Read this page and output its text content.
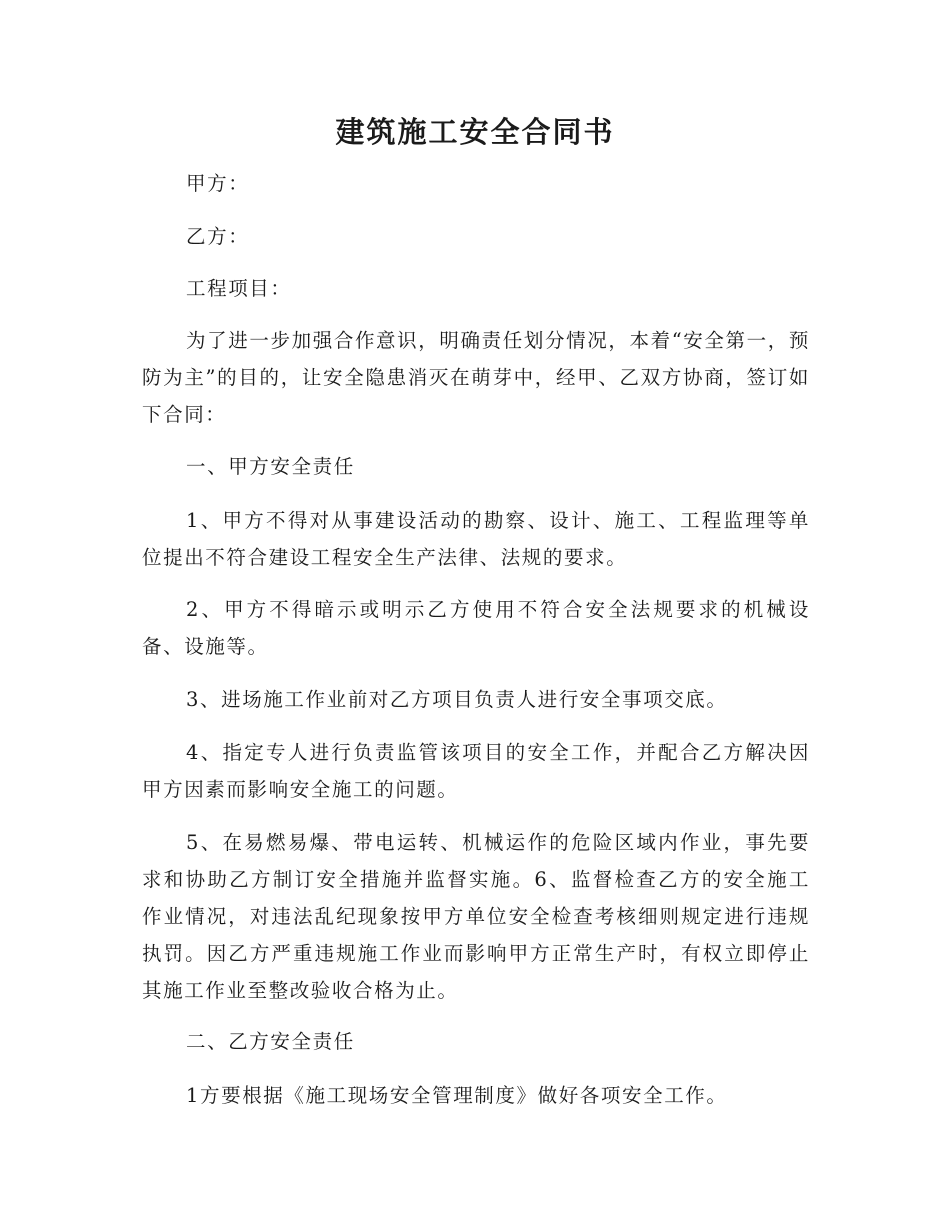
建筑施工安全合同书

甲方：

乙方：

工程项目：

为了进一步加强合作意识，明确责任划分情况，本着“安全第一，预防为主”的目的，让安全隐患消灭在萌芽中，经甲、乙双方协商，签订如下合同：

一、甲方安全责任

1、甲方不得对从事建设活动的勘察、设计、施工、工程监理等单位提出不符合建设工程安全生产法律、法规的要求。

2、甲方不得暗示或明示乙方使用不符合安全法规要求的机械设备、设施等。

3、进场施工作业前对乙方项目负责人进行安全事项交底。

4、指定专人进行负责监管该项目的安全工作，并配合乙方解决因甲方因素而影响安全施工的问题。

5、在易燃易爆、带电运转、机械运作的危险区域内作业，事先要求和协助乙方制订安全措施并监督实施。6、监督检查乙方的安全施工作业情况，对违法乱纪现象按甲方单位安全检查考核细则规定进行违规执罚。因乙方严重违规施工作业而影响甲方正常生产时，有权立即停止其施工作业至整改验收合格为止。

二、乙方安全责任

1方要根据《施工现场安全管理制度》做好各项安全工作。
